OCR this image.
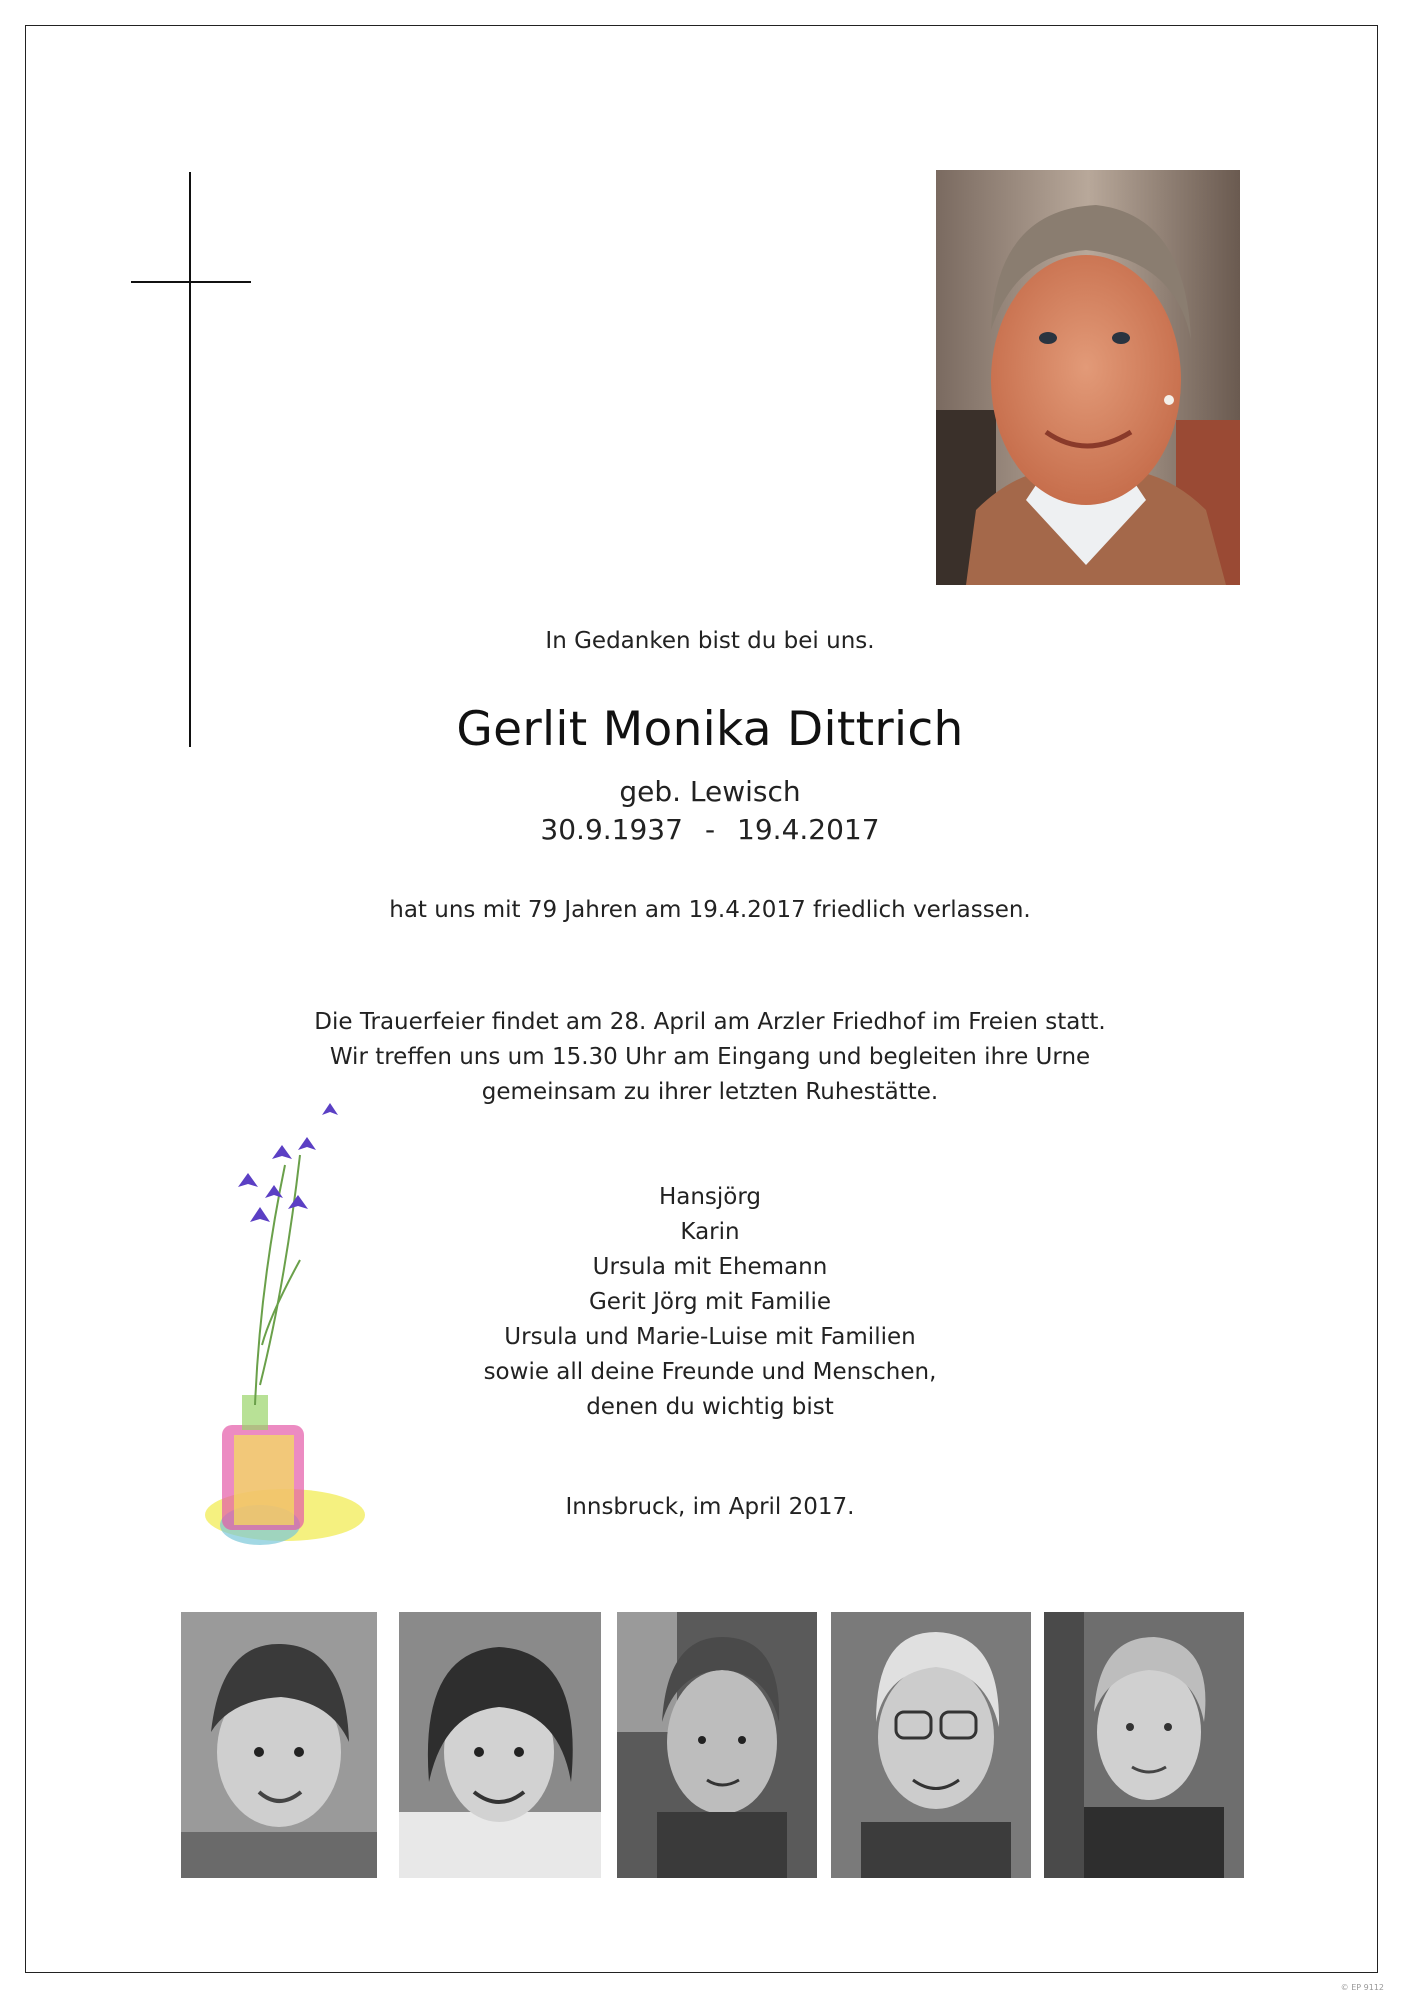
In Gedanken bist du bei uns.
Gerlit Monika Dittrich
geb. Lewisch
30.9.1937 - 19.4.2017
hat uns mit 79 Jahren am 19.4.2017 friedlich verlassen.
Die Trauerfeier findet am 28. April am Arzler Friedhof im Freien statt.
Wir treffen uns um 15.30 Uhr am Eingang und begleiten ihre Urne
gemeinsam zu ihrer letzten Ruhestätte.
Hansjörg
Karin
Ursula mit Ehemann
Gerit Jörg mit Familie
Ursula und Marie-Luise mit Familien
sowie all deine Freunde und Menschen,
denen du wichtig bist
Innsbruck, im April 2017.
© EP 9112
